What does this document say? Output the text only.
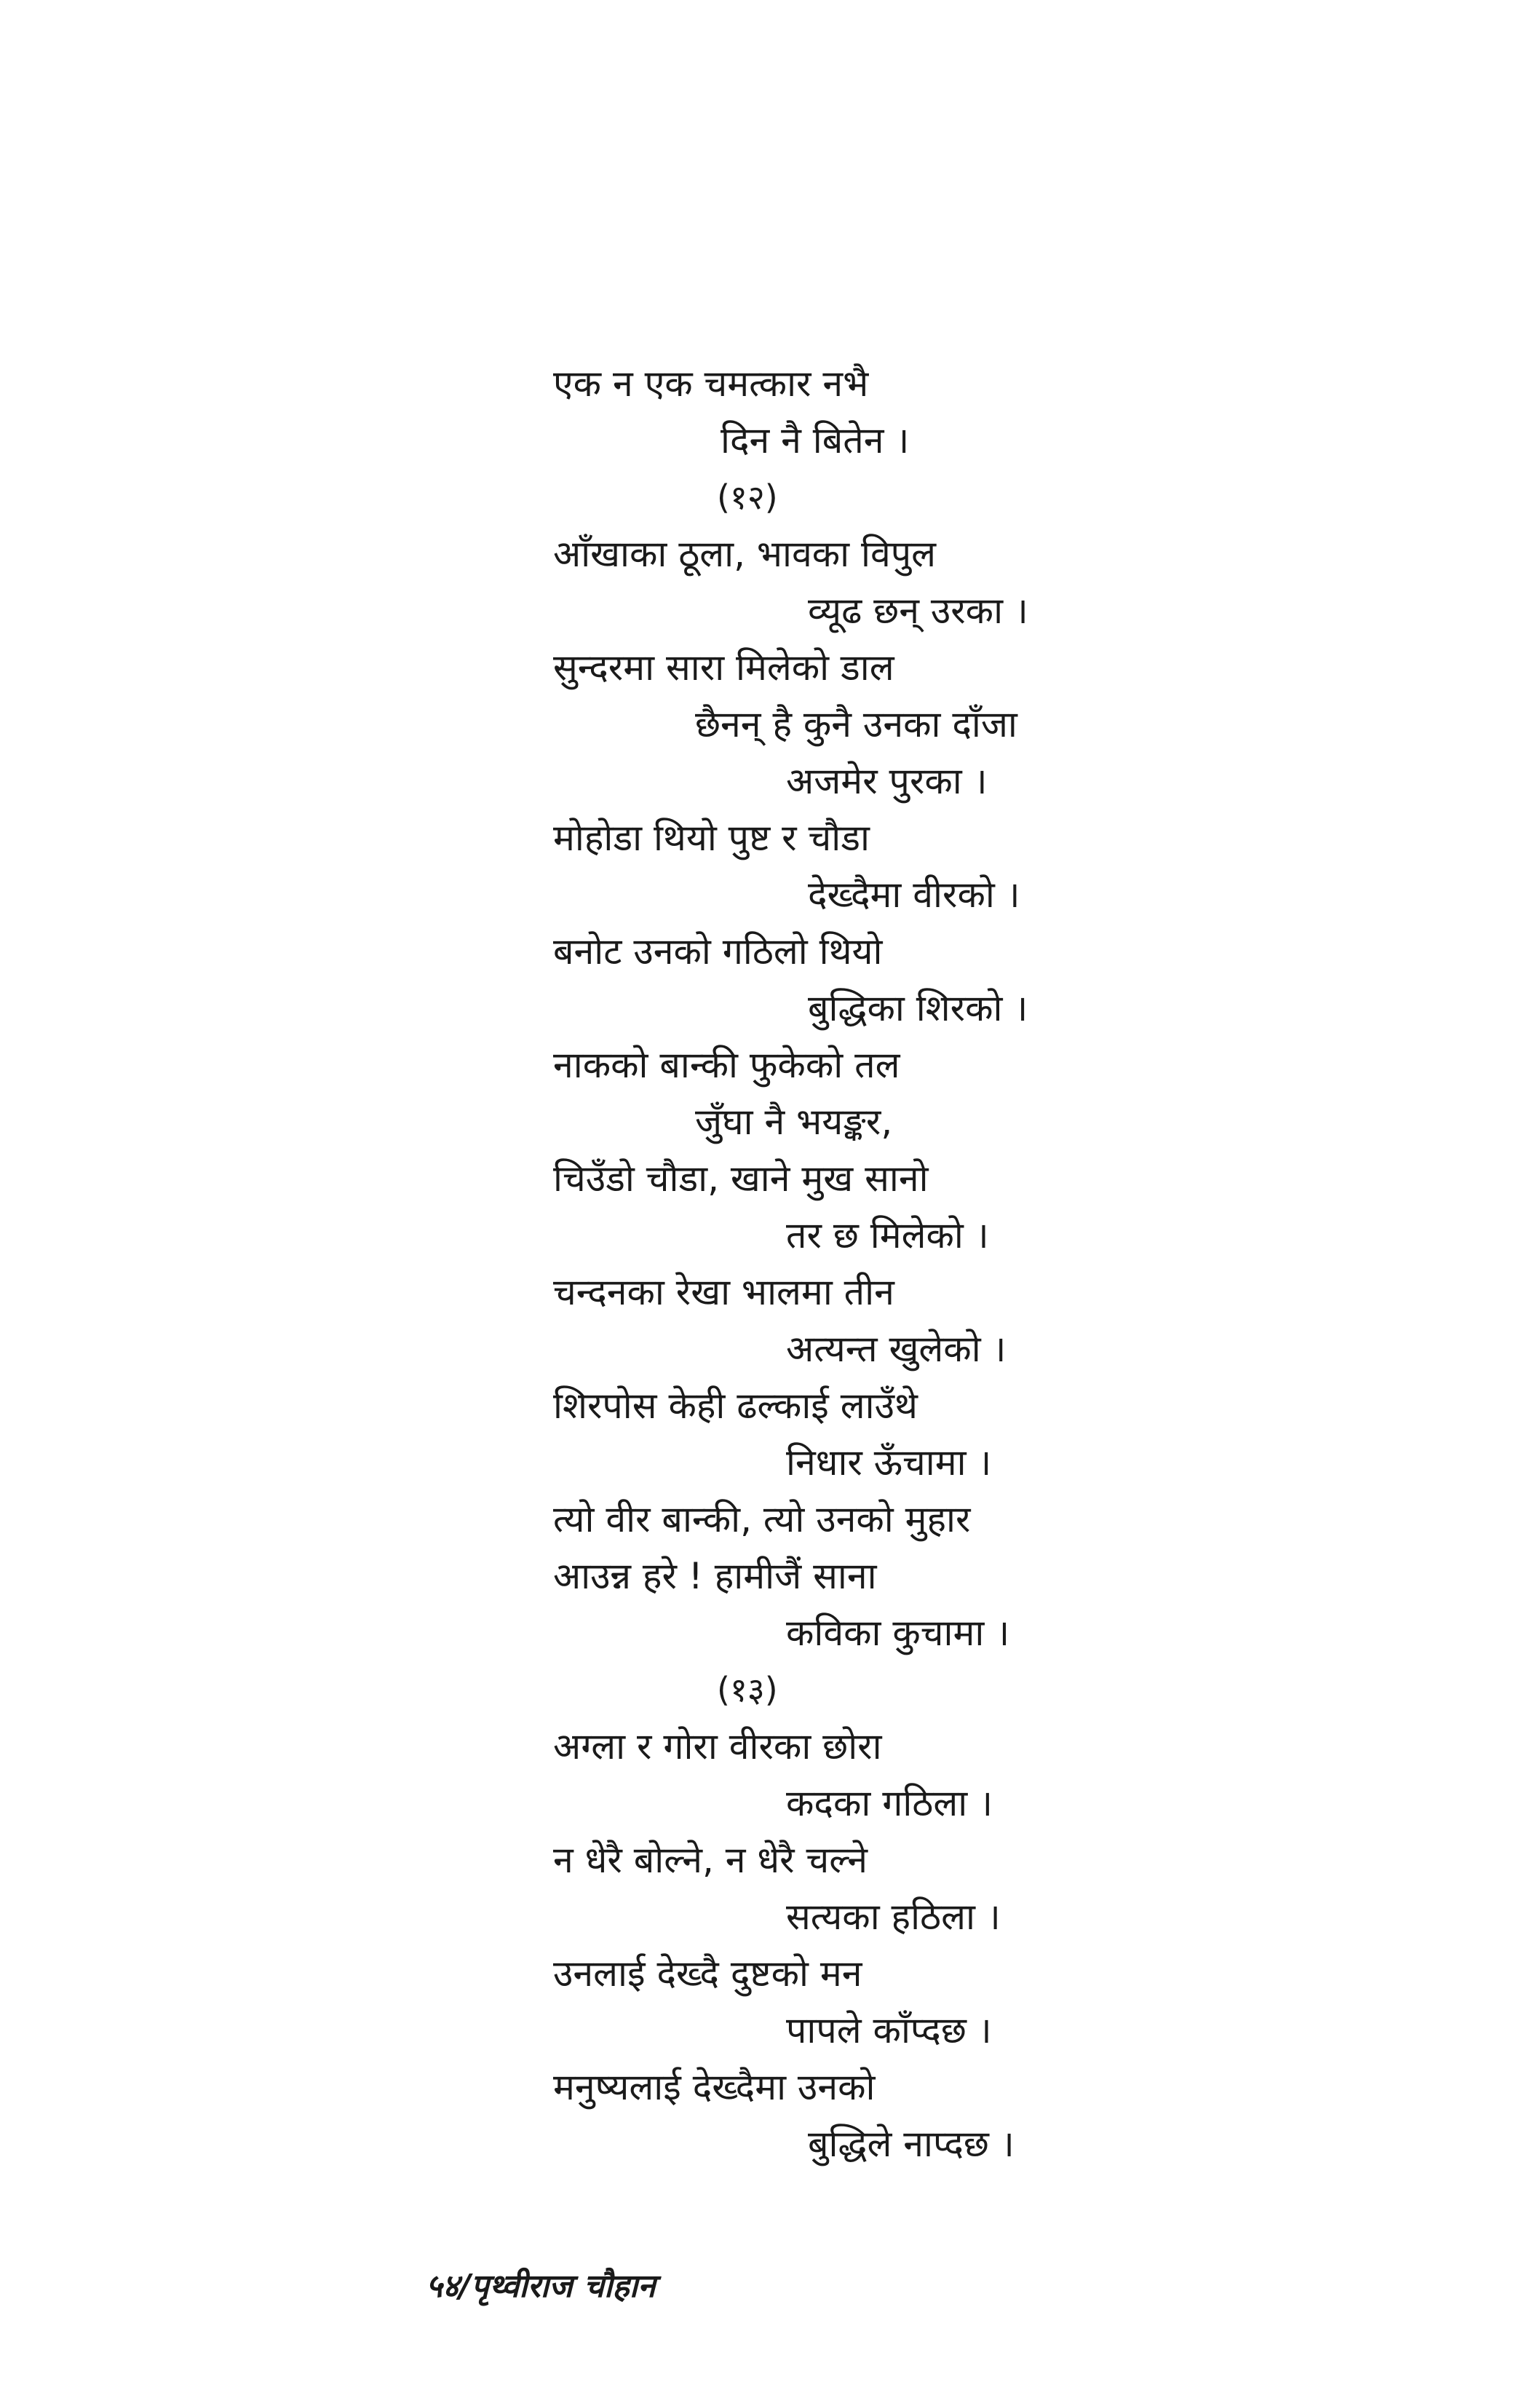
एक न एक चमत्कार नभै
दिन नै बितेन ।
(१२)
आँखाका ठूला, भावका विपुल
व्यूढ छन् उरका ।
सुन्दरमा सारा मिलेको डाल
छैनन् है कुनै उनका दाँजा
अजमेर पुरका ।
मोहोडा थियो पुष्ट र चौडा
देख्दैमा वीरको ।
बनोट उनको गठिलो थियो
बुद्धिका शिरको ।
नाकको बान्की फुकेको तल
जुँघा नै भयङ्कर,
चिउँडो चौडा, खाने मुख सानो
तर छ मिलेको ।
चन्दनका रेखा भालमा तीन
अत्यन्त खुलेको ।
शिरपोस केही ढल्काई लाउँथे
निधार ऊँचामा ।
त्यो वीर बान्की, त्यो उनको मुहार
आउन्न हरे ! हामीजैं साना
कविका कुचामा ।
(१३)
अग्ला र गोरा वीरका छोरा
कदका गठिला ।
न धेरै बोल्ने, न धेरै चल्ने
सत्यका हठिला ।
उनलाई देख्दै दुष्टको मन
पापले काँप्दछ ।
मनुष्यलाई देख्दैमा उनको
बुद्धिले नाप्दछ ।
५४/पृथ्वीराज चौहान
